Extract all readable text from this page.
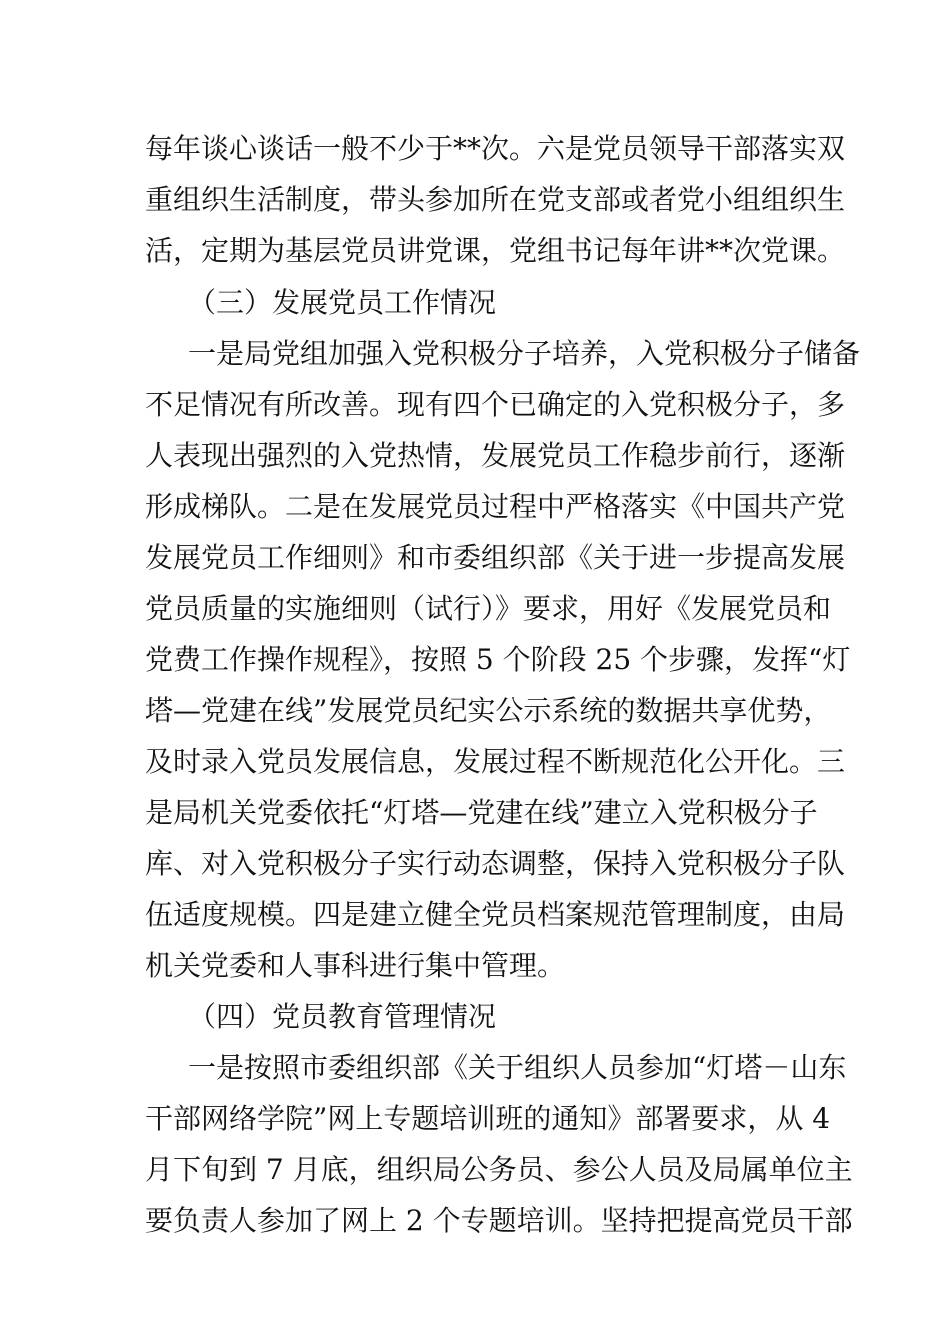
每年谈心谈话一般不少于**次。六是党员领导干部落实双
重组织生活制度，带头参加所在党支部或者党小组组织生
活，定期为基层党员讲党课，党组书记每年讲**次党课。
（三）发展党员工作情况
一是局党组加强入党积极分子培养，入党积极分子储备
不足情况有所改善。现有四个已确定的入党积极分子，多
人表现出强烈的入党热情，发展党员工作稳步前行，逐渐
形成梯队。二是在发展党员过程中严格落实《中国共产党
发展党员工作细则》和市委组织部《关于进一步提高发展
党员质量的实施细则（试行）》要求，用好《发展党员和
党费工作操作规程》，按照 5 个阶段 25 个步骤，发挥“灯
塔—党建在线”发展党员纪实公示系统的数据共享优势，
及时录入党员发展信息，发展过程不断规范化公开化。三
是局机关党委依托“灯塔—党建在线”建立入党积极分子
库、对入党积极分子实行动态调整，保持入党积极分子队
伍适度规模。四是建立健全党员档案规范管理制度，由局
机关党委和人事科进行集中管理。
（四）党员教育管理情况
一是按照市委组织部《关于组织人员参加“灯塔－山东
干部网络学院”网上专题培训班的通知》部署要求，从 4
月下旬到 7 月底，组织局公务员、参公人员及局属单位主
要负责人参加了网上 2 个专题培训。坚持把提高党员干部
